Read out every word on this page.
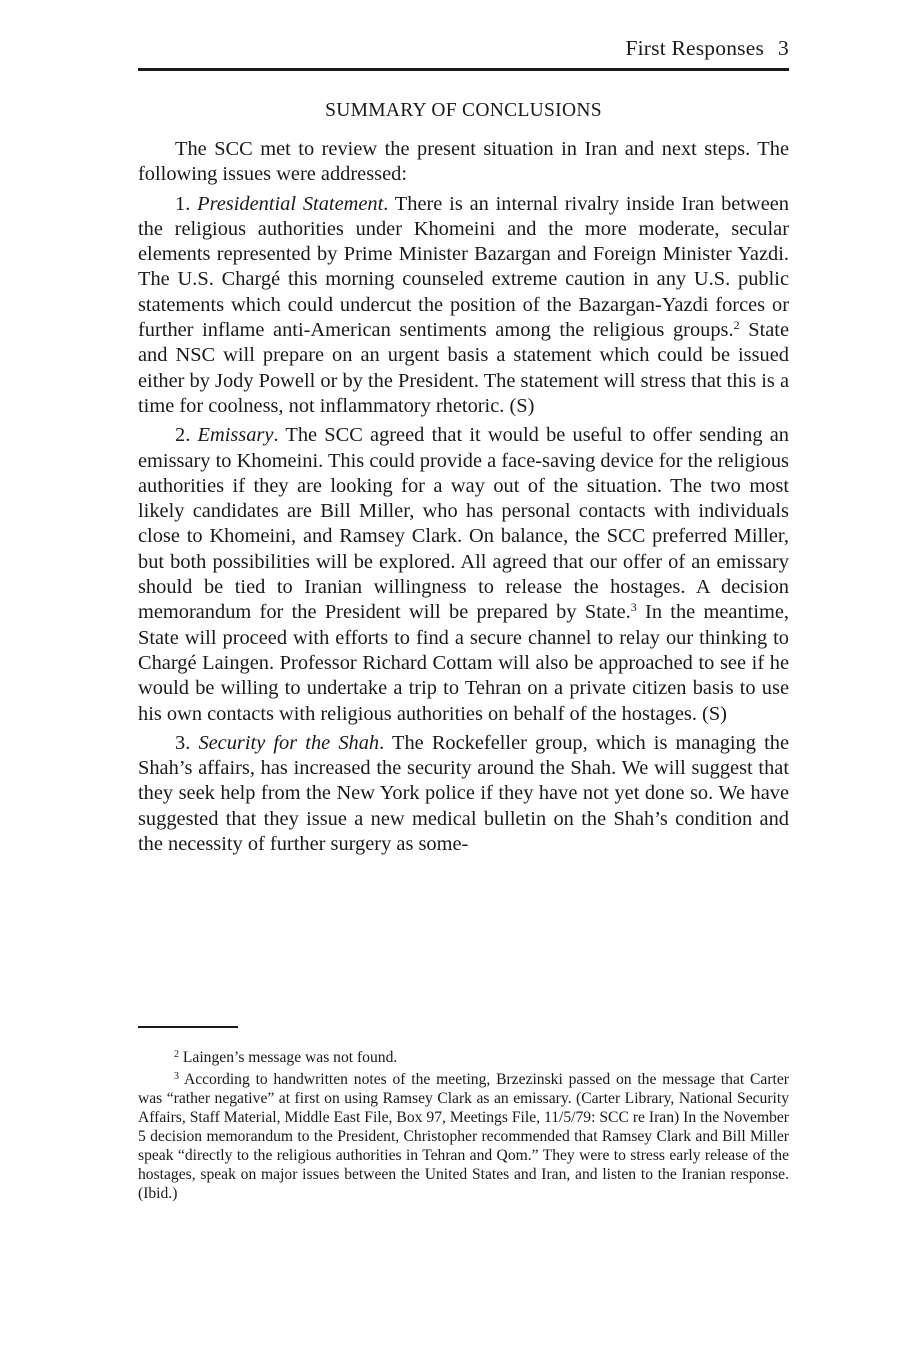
First Responses 3
SUMMARY OF CONCLUSIONS

The SCC met to review the present situation in Iran and next steps. The following issues were addressed:

1. Presidential Statement. There is an internal rivalry inside Iran between the religious authorities under Khomeini and the more moderate, secular elements represented by Prime Minister Bazargan and Foreign Minister Yazdi. The U.S. Chargé this morning counseled extreme caution in any U.S. public statements which could undercut the position of the Bazargan-Yazdi forces or further inflame anti-American sentiments among the religious groups.$^2$ State and NSC will prepare on an urgent basis a statement which could be issued either by Jody Powell or by the President. The statement will stress that this is a time for coolness, not inflammatory rhetoric. (S)

2. Emissary. The SCC agreed that it would be useful to offer sending an emissary to Khomeini. This could provide a face-saving device for the religious authorities if they are looking for a way out of the situation. The two most likely candidates are Bill Miller, who has personal contacts with individuals close to Khomeini, and Ramsey Clark. On balance, the SCC preferred Miller, but both possibilities will be explored. All agreed that our offer of an emissary should be tied to Iranian willingness to release the hostages. A decision memorandum for the President will be prepared by State.$^3$ In the meantime, State will proceed with efforts to find a secure channel to relay our thinking to Chargé Laingen. Professor Richard Cottam will also be approached to see if he would be willing to undertake a trip to Tehran on a private citizen basis to use his own contacts with religious authorities on behalf of the hostages. (S)

3. Security for the Shah. The Rockefeller group, which is managing the Shah’s affairs, has increased the security around the Shah. We will suggest that they seek help from the New York police if they have not yet done so. We have suggested that they issue a new medical bulletin on the Shah’s condition and the necessity of further surgery as some-

$^2$ Laingen’s message was not found.

$^3$ According to handwritten notes of the meeting, Brzezinski passed on the message that Carter was “rather negative” at first on using Ramsey Clark as an emissary. (Carter Library, National Security Affairs, Staff Material, Middle East File, Box 97, Meetings File, 11/5/79: SCC re Iran) In the November 5 decision memorandum to the President, Christopher recommended that Ramsey Clark and Bill Miller speak “directly to the religious authorities in Tehran and Qom.” They were to stress early release of the hostages, speak on major issues between the United States and Iran, and listen to the Iranian response. (Ibid.)
